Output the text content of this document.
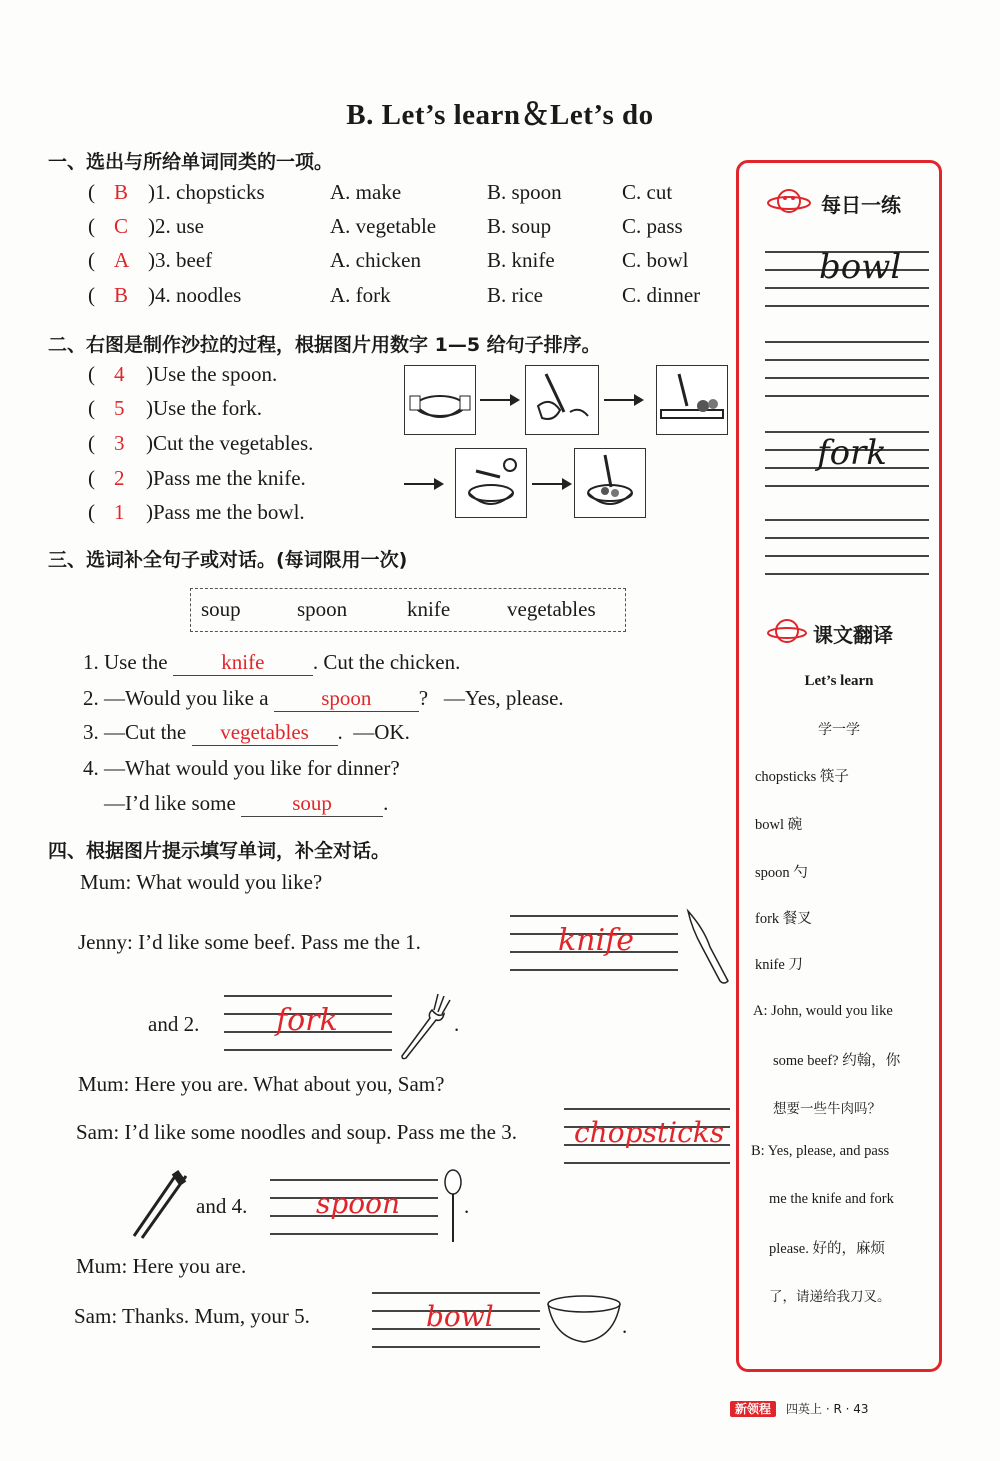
B. Let’s learn＆Let’s do
一、选出与所给单词同类的一项。
( B )1. chopsticks	A. make	B. spoon	C. cut
( C )2. use	A. vegetable B. soup	C. pass
( A )3. beef	A. chicken	B. knife	C. bowl
( B )4. noodles	A. fork	B. rice	C. dinner
二、右图是制作沙拉的过程，根据图片用数字 1—5 给句子排序。
( 4 )Use the spoon.
( 5 )Use the fork.
( 3 )Cut the vegetables.
( 2 )Pass me the knife.
( 1 )Pass me the bowl.
三、选词补全句子或对话。(每词限用一次)
soup	spoon	knife	vegetables
1. Use the	knife . Cut the chicken.
2. —Would you like a	spoon ?   —Yes, please.
3. —Cut the vegetables .  —OK.
4. —What would you like for dinner?
—I’d like some	soup .
四、根据图片提示填写单词，补全对话。
Mum: What would you like?
Jenny: I’d like some beef. Pass me the 1.	knife
and 2.	fork	.
Mum: Here you are. What about you, Sam?
Sam: I’d like some noodles and soup. Pass me the 3. chopsticks
and 4. spoon	.
Mum: Here you are.
Sam: Thanks. Mum, your 5.	bowl	.
每日一练
bowl
fork
课文翻译
Let’s learn
学一学
chopsticks 筷子
bowl 碗
spoon 勺
fork 餐叉
knife 刀
A: John, would you like
some beef? 约翰，你
想要一些牛肉吗？
B: Yes, please, and pass
me the knife and fork
please. 好的，麻烦
了，请递给我刀叉。
新领程 四英上 · R · 43
